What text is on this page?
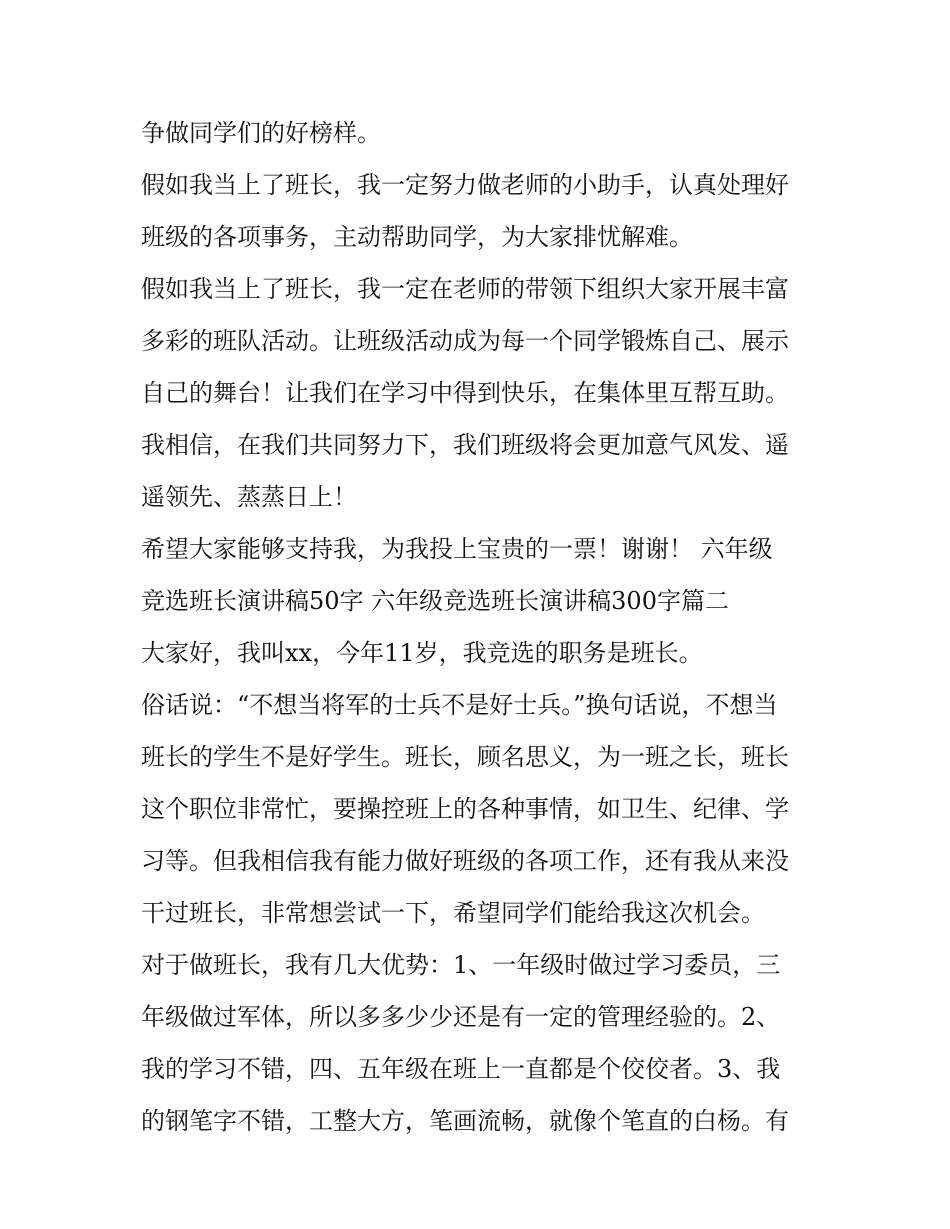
争做同学们的好榜样。
假如我当上了班长，我一定努力做老师的小助手，认真处理好
班级的各项事务，主动帮助同学，为大家排忧解难。
假如我当上了班长，我一定在老师的带领下组织大家开展丰富
多彩的班队活动。让班级活动成为每一个同学锻炼自己、展示
自己的舞台！让我们在学习中得到快乐，在集体里互帮互助。
我相信，在我们共同努力下，我们班级将会更加意气风发、遥
遥领先、蒸蒸日上！
希望大家能够支持我，为我投上宝贵的一票！谢谢！ 六年级
竞选班长演讲稿50字 六年级竞选班长演讲稿300字篇二
大家好，我叫xx，今年11岁，我竞选的职务是班长。
俗话说：“不想当将军的士兵不是好士兵。”换句话说，不想当
班长的学生不是好学生。班长，顾名思义，为一班之长，班长
这个职位非常忙，要操控班上的各种事情，如卫生、纪律、学
习等。但我相信我有能力做好班级的各项工作，还有我从来没
干过班长，非常想尝试一下，希望同学们能给我这次机会。
对于做班长，我有几大优势：1、一年级时做过学习委员，三
年级做过军体，所以多多少少还是有一定的管理经验的。2、
我的学习不错，四、五年级在班上一直都是个佼佼者。3、我
的钢笔字不错，工整大方，笔画流畅，就像个笔直的白杨。有
